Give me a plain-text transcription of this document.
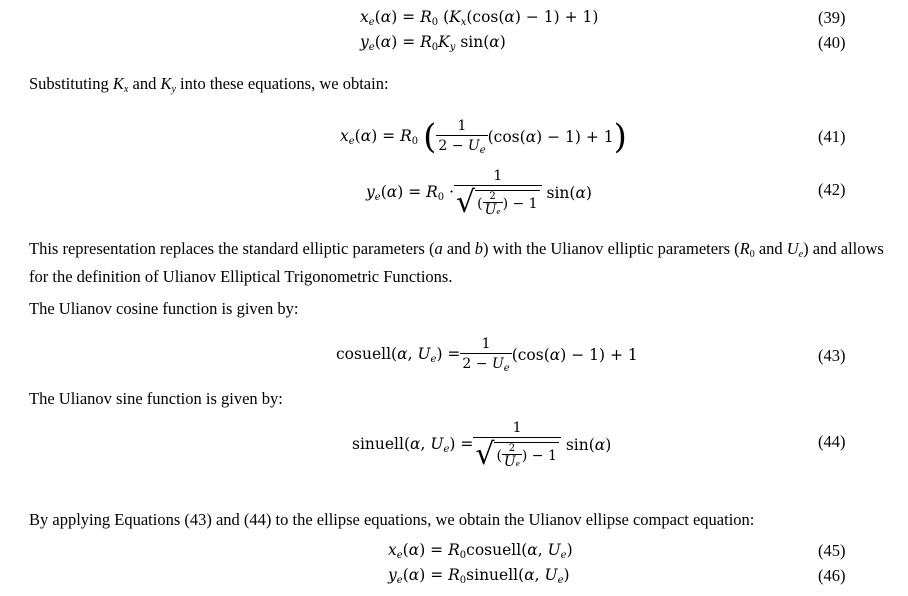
$x_e(\alpha) = R_0$ $(K_x(\cos(\alpha) - 1) + 1)$	(39)
$y_e(\alpha) = R_0K_y$ sin(α)	(40)
Substituting $K_x$ and $K_y$ into these equations, we obtain:
$x_e(\alpha) = R_0$ ( $\frac{1}{2 - U_e} (\cos(\alpha) - 1) + 1$ )	(41)
$y_e(\alpha) = R_0 \cdot \frac{1}{√ ( \frac{2}{Ue} ) - 1} \sin(\alpha)$	(42)
This representation replaces the standard elliptic parameters (a and b) with the Ulianov elliptic parameters ($R_0$ and $U_e$) and allows
for the definition of Ulianov Elliptical Trigonometric Functions.
The Ulianov cosine function is given by:
cosuell(α, $U_e) = \frac{1}{2 - U_e} (\cos(\alpha) - 1) + 1$	(43)
The Ulianov sine function is given by:
sinuell(α, $U_e) = \frac{1}{√ ( \frac{2}{Ue} ) - 1} \sin(\alpha)$	(44)
By applying Equations (43) and (44) to the ellipse equations, we obtain the Ulianov ellipse compact equation:
$x_e(\alpha)$ = $R_0cosuell(\alpha$, $U_e$)	(45)
$y_e(\alpha)$ = $R_0sinuell(\alpha$, $U_e$)	(46)
